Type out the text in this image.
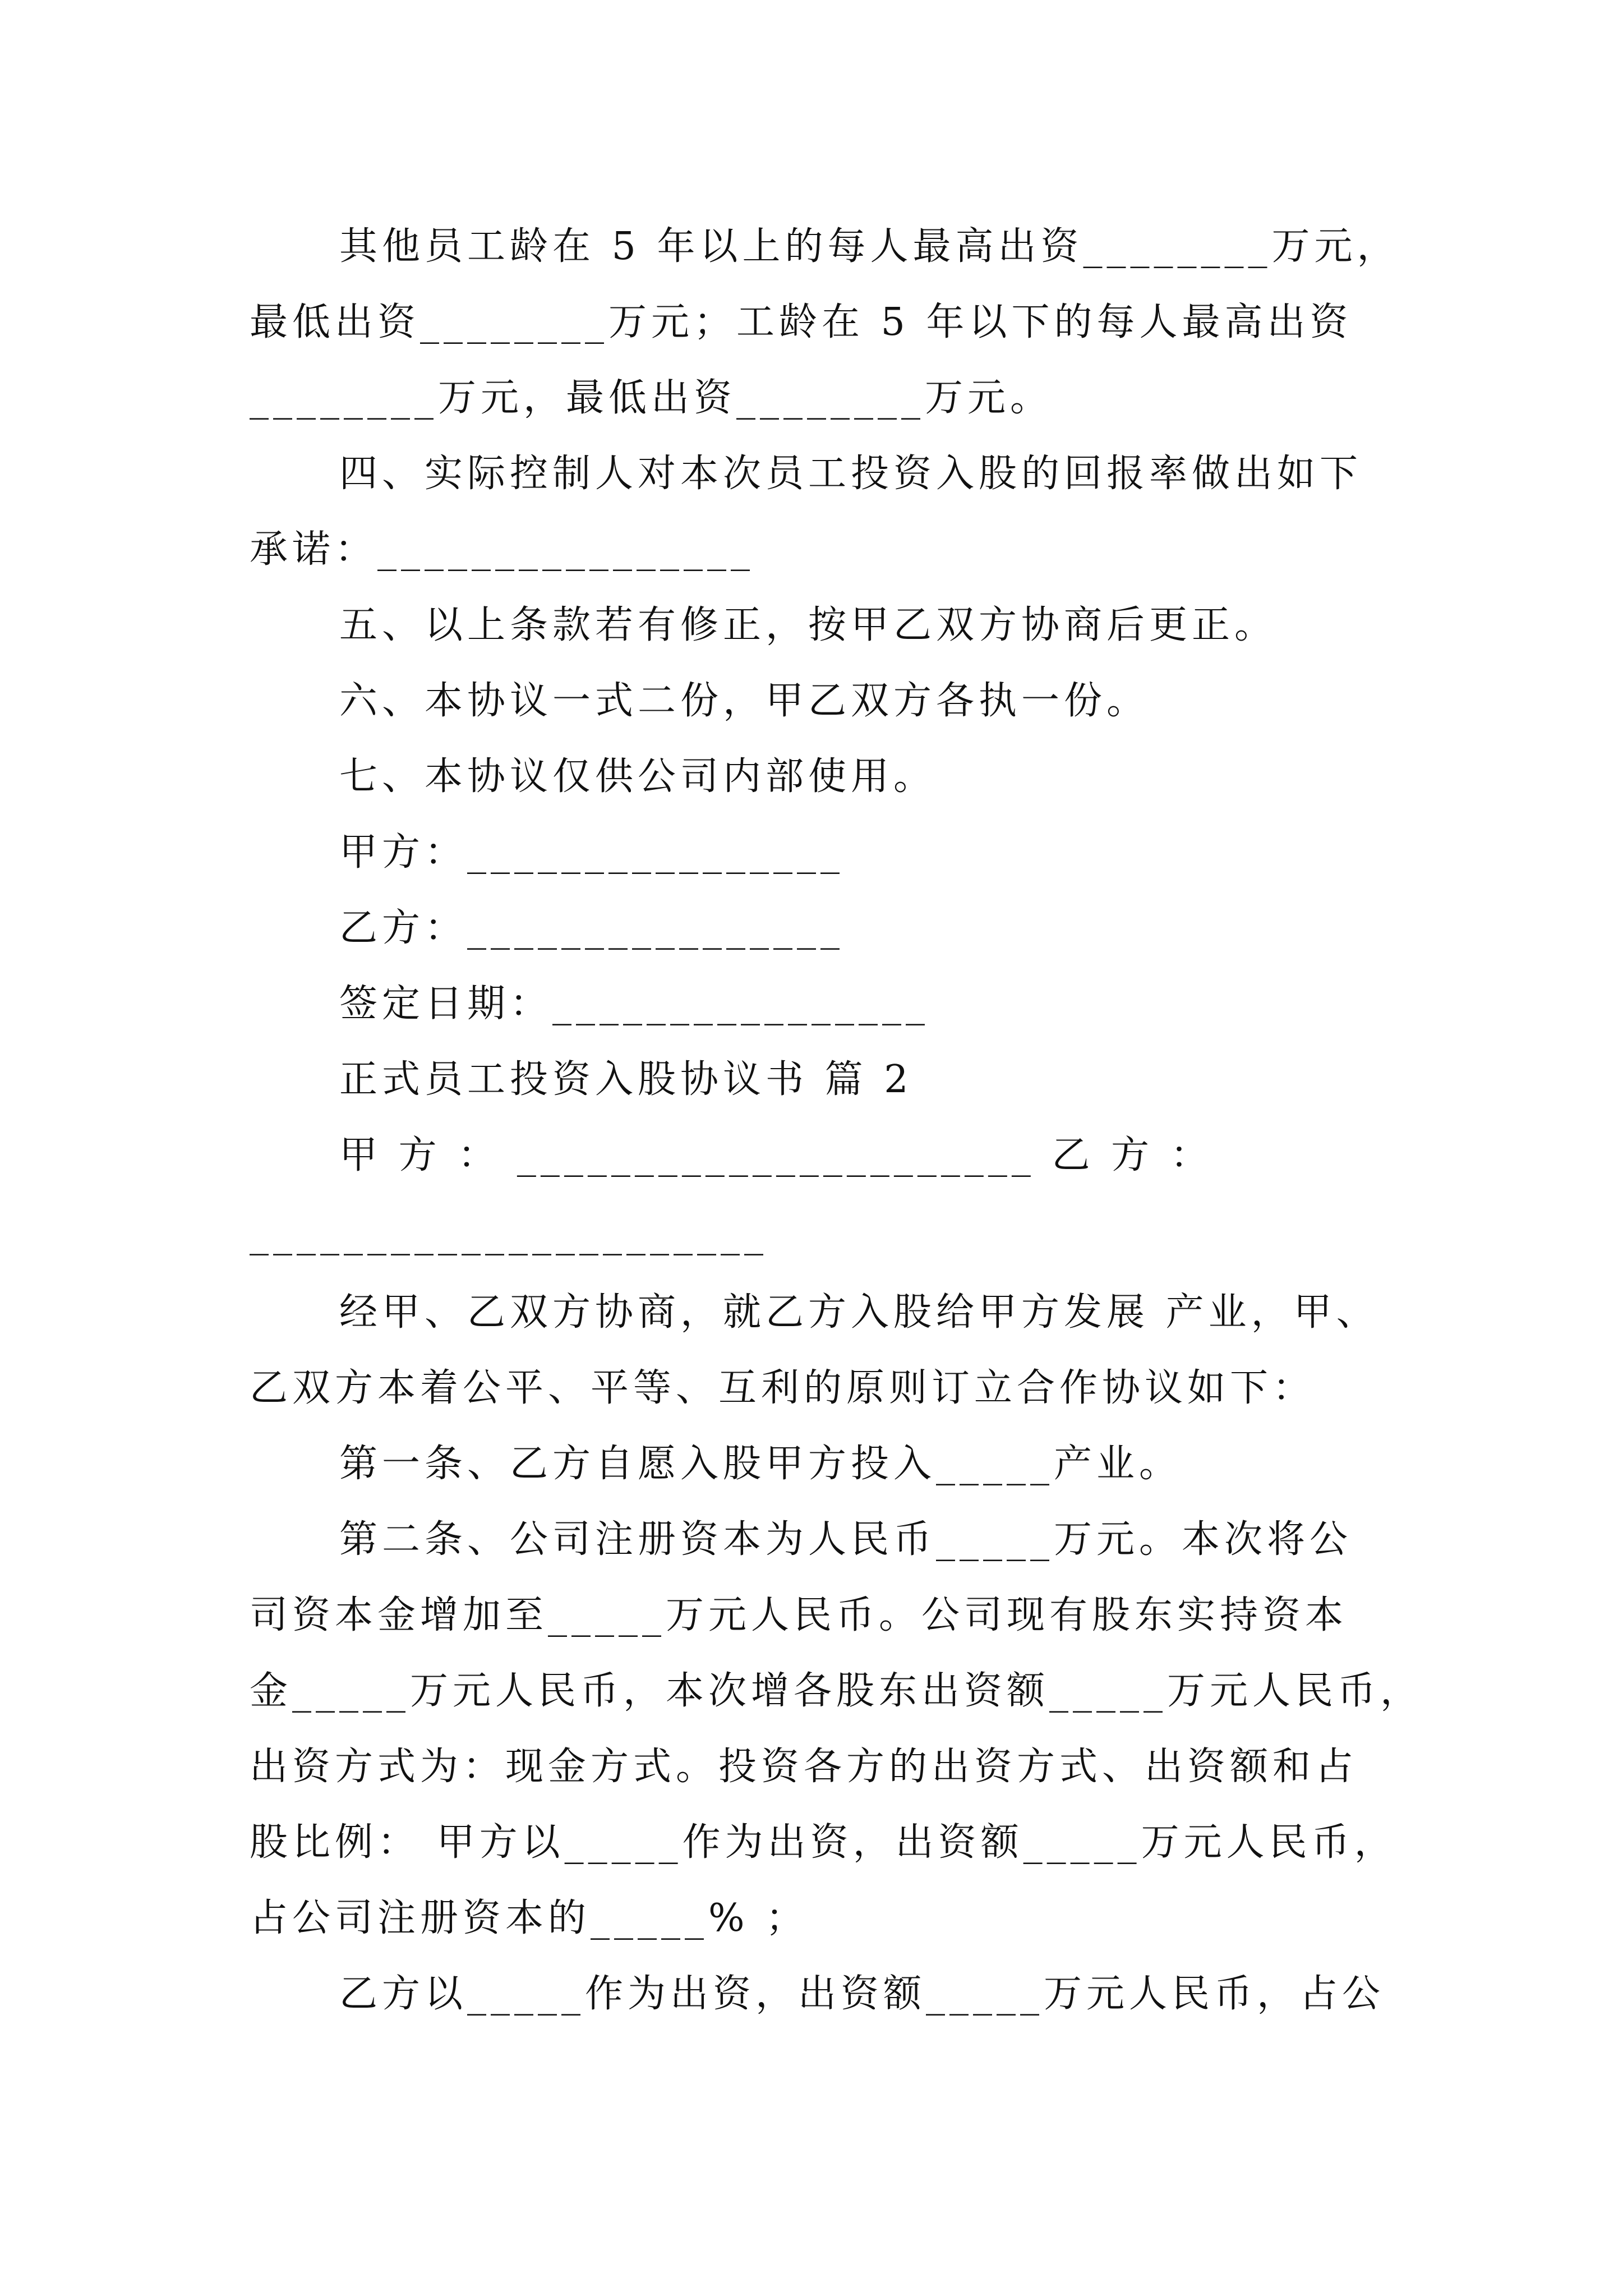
其他员工龄在 5 年以上的每人最高出资________万元，
最低出资________万元；工龄在 5 年以下的每人最高出资
________万元，最低出资________万元。
四、实际控制人对本次员工投资入股的回报率做出如下
承诺：________________
五、以上条款若有修正，按甲乙双方协商后更正。
六、本协议一式二份，甲乙双方各执一份。
七、本协议仅供公司内部使用。
甲方：________________
乙方：________________
签定日期：________________
正式员工投资入股协议书 篇 2
甲 方 ： ______________________ 乙 方 ：
______________________
经甲、乙双方协商，就乙方入股给甲方发展 产业，甲、
乙双方本着公平、平等、互利的原则订立合作协议如下：
第一条、乙方自愿入股甲方投入_____产业。
第二条、公司注册资本为人民币_____万元。本次将公
司资本金增加至_____万元人民币。公司现有股东实持资本
金_____万元人民币，本次增各股东出资额_____万元人民币，
出资方式为：现金方式。投资各方的出资方式、出资额和占
股比例： 甲方以_____作为出资，出资额_____万元人民币，
占公司注册资本的_____% ；
乙方以_____作为出资，出资额_____万元人民币，占公
